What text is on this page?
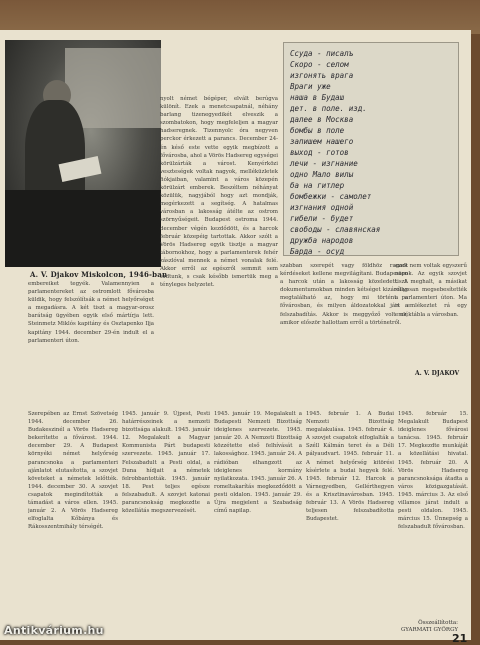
A. V. Djakov Miskolcon, 1946-ban
Ссуда - писалъ
Скоро - селом
изгонять врага
Враги уже
наша в Будаш
дет. в поле. изд.
далее в Москва
бомбы в поле
запишем нашего
выход - готов
лечи - изгнание
одно Мало вилы
ба на гитлер
бомбежки - самолет
изгнания одной
гибели - будет
свободы - славянская
дружба народов
Барда - осуд

nyolt német bégéper, elvált berúgva különít. Ezek a menetcsapatnál, néhány barlang tizenegyedikét elveszik a szombatokon, hogy megfeleljen a magyar hadseregnek. Tizennyolc óra negyven perckor érkezett a parancs. December 24-én késő este vette egyik megbízott a fővárosba, ahol a Vörös Hadsereg egységei körülzárták a várost. Kenyérközi veszteségek voltak nagyok, melléküzletek fiókjaiban, valamint a város közepén körülzárt emberek. Beszéltem néhányat közülük, nagyjából hogy azt mondják, megérkezett a segítség. A hatalmas városban a lakosság átélte az ostrom szörnyűségeit. Budapest ostroma 1944. december végén kezdődött, és a harcok február közepéig tartottak. Akkor szólt a Vörös Hadsereg egyik tisztje a magyar tábornokhoz, hogy a parlamenterek fehér zászlóval mennek a német vonalak felé. Akkor erről az egészről semmit sem tudtunk, s csak később ismertük meg a tényleges helyzetet.

embereiket tegyék. Valamennyien a parlamentereket az ostromlott fővárosba küldik, hogy felszólítsák a német helyőrséget a megadásra. A két tiszt a magyar-orosz barátság ügyében egyik első mártírja lett. Steinmetz Miklós kapitány és Osztapenko Ilja kapitány 1944. december 29-én indult el a parlamenteri úton.

szabban szerepét vagy földhöz ragadt kérdéseket kellene megvilágítani. Budapesten a harcok után a lakosság közeledett. A dokumentumokban minden kétséget kizárólag megtalálható az, hogy mi történt a fővárosban, és milyen áldozatokkal járt a felszabadítás. Akkor is meggyőző volt ez, amikor először hallottam erről a történetről.

ezek nem voltak egyszerű napok. Az egyik szovjet tiszt meghalt, a másikat súlyosan megsebesítették a parlamenteri úton. Ma is emlékeztet rá egy emléktábla a városban.

A. V. DJAKOV

Szerepében az Ernst Szövetség 1944. december 26. Budakeszinél a Vörös Hadsereg bekerítette a fővárost. 1944. december 29. A Budapest környéki német helyőrség parancsnoka a parlamenteri ajánlatot elutasította, a szovjet követeket a németek lelőtték. 1944. december 30. A szovjet csapatok megindították a támadást a város ellen. 1945. január 2. A Vörös Hadsereg elfoglalta Kőbánya és Rákosszentmihály térségét.

1945. január 9. Újpest, Pesti határrészeinek a nemzeti bizottsága alakult. 1945. január 12. Megalakult a Magyar Kommunista Párt budapesti szervezete. 1945. január 17. Felszabadult a Pesti oldal, a Duna hídjait a németek felrobbantották. 1945. január 18. Pest teljes egésze felszabadult. A szovjet katonai parancsnokság megkezdte a közellátás megszervezését.

1945. január 19. Megalakult a Budapesti Nemzeti Bizottság ideiglenes szervezete. 1945. január 20. A Nemzeti Bizottság közzétette első felhívását a lakossághoz. 1945. január 24. A rádióban elhangzott az ideiglenes kormány nyilatkozata. 1945. január 26. A romeltakarítás megkezdődött a pesti oldalon. 1945. január 29. Újra megjelent a Szabadság című napilap.

1945. február 1. A Budai Nemzeti Bizottság megalakulása. 1945. február 4. A szovjet csapatok elfoglalták a Széll Kálmán teret és a Déli pályaudvart. 1945. február 11. A német helyőrség kitörési kísérlete a budai hegyek felé. 1945. február 12. Harcok a Várnegyedben, Gellérthegyen és a Krisztinavárosban. 1945. február 13. A Vörös Hadsereg teljesen felszabadította Budapestet.

1945. február 15. Megalakult Budapest ideiglenes fővárosi tanácsa. 1945. február 17. Megkezdte munkáját a közellátási hivatal. 1945. február 20. A Vörös Hadsereg parancsnoksága átadta a város közigazgatását. 1945. március 3. Az első villamos járat indult a pesti oldalon. 1945. március 15. Ünnepség a felszabadult fővárosban.

Összeállította: GYARMATI GYÖRGY
21
Antikvárium.hu
